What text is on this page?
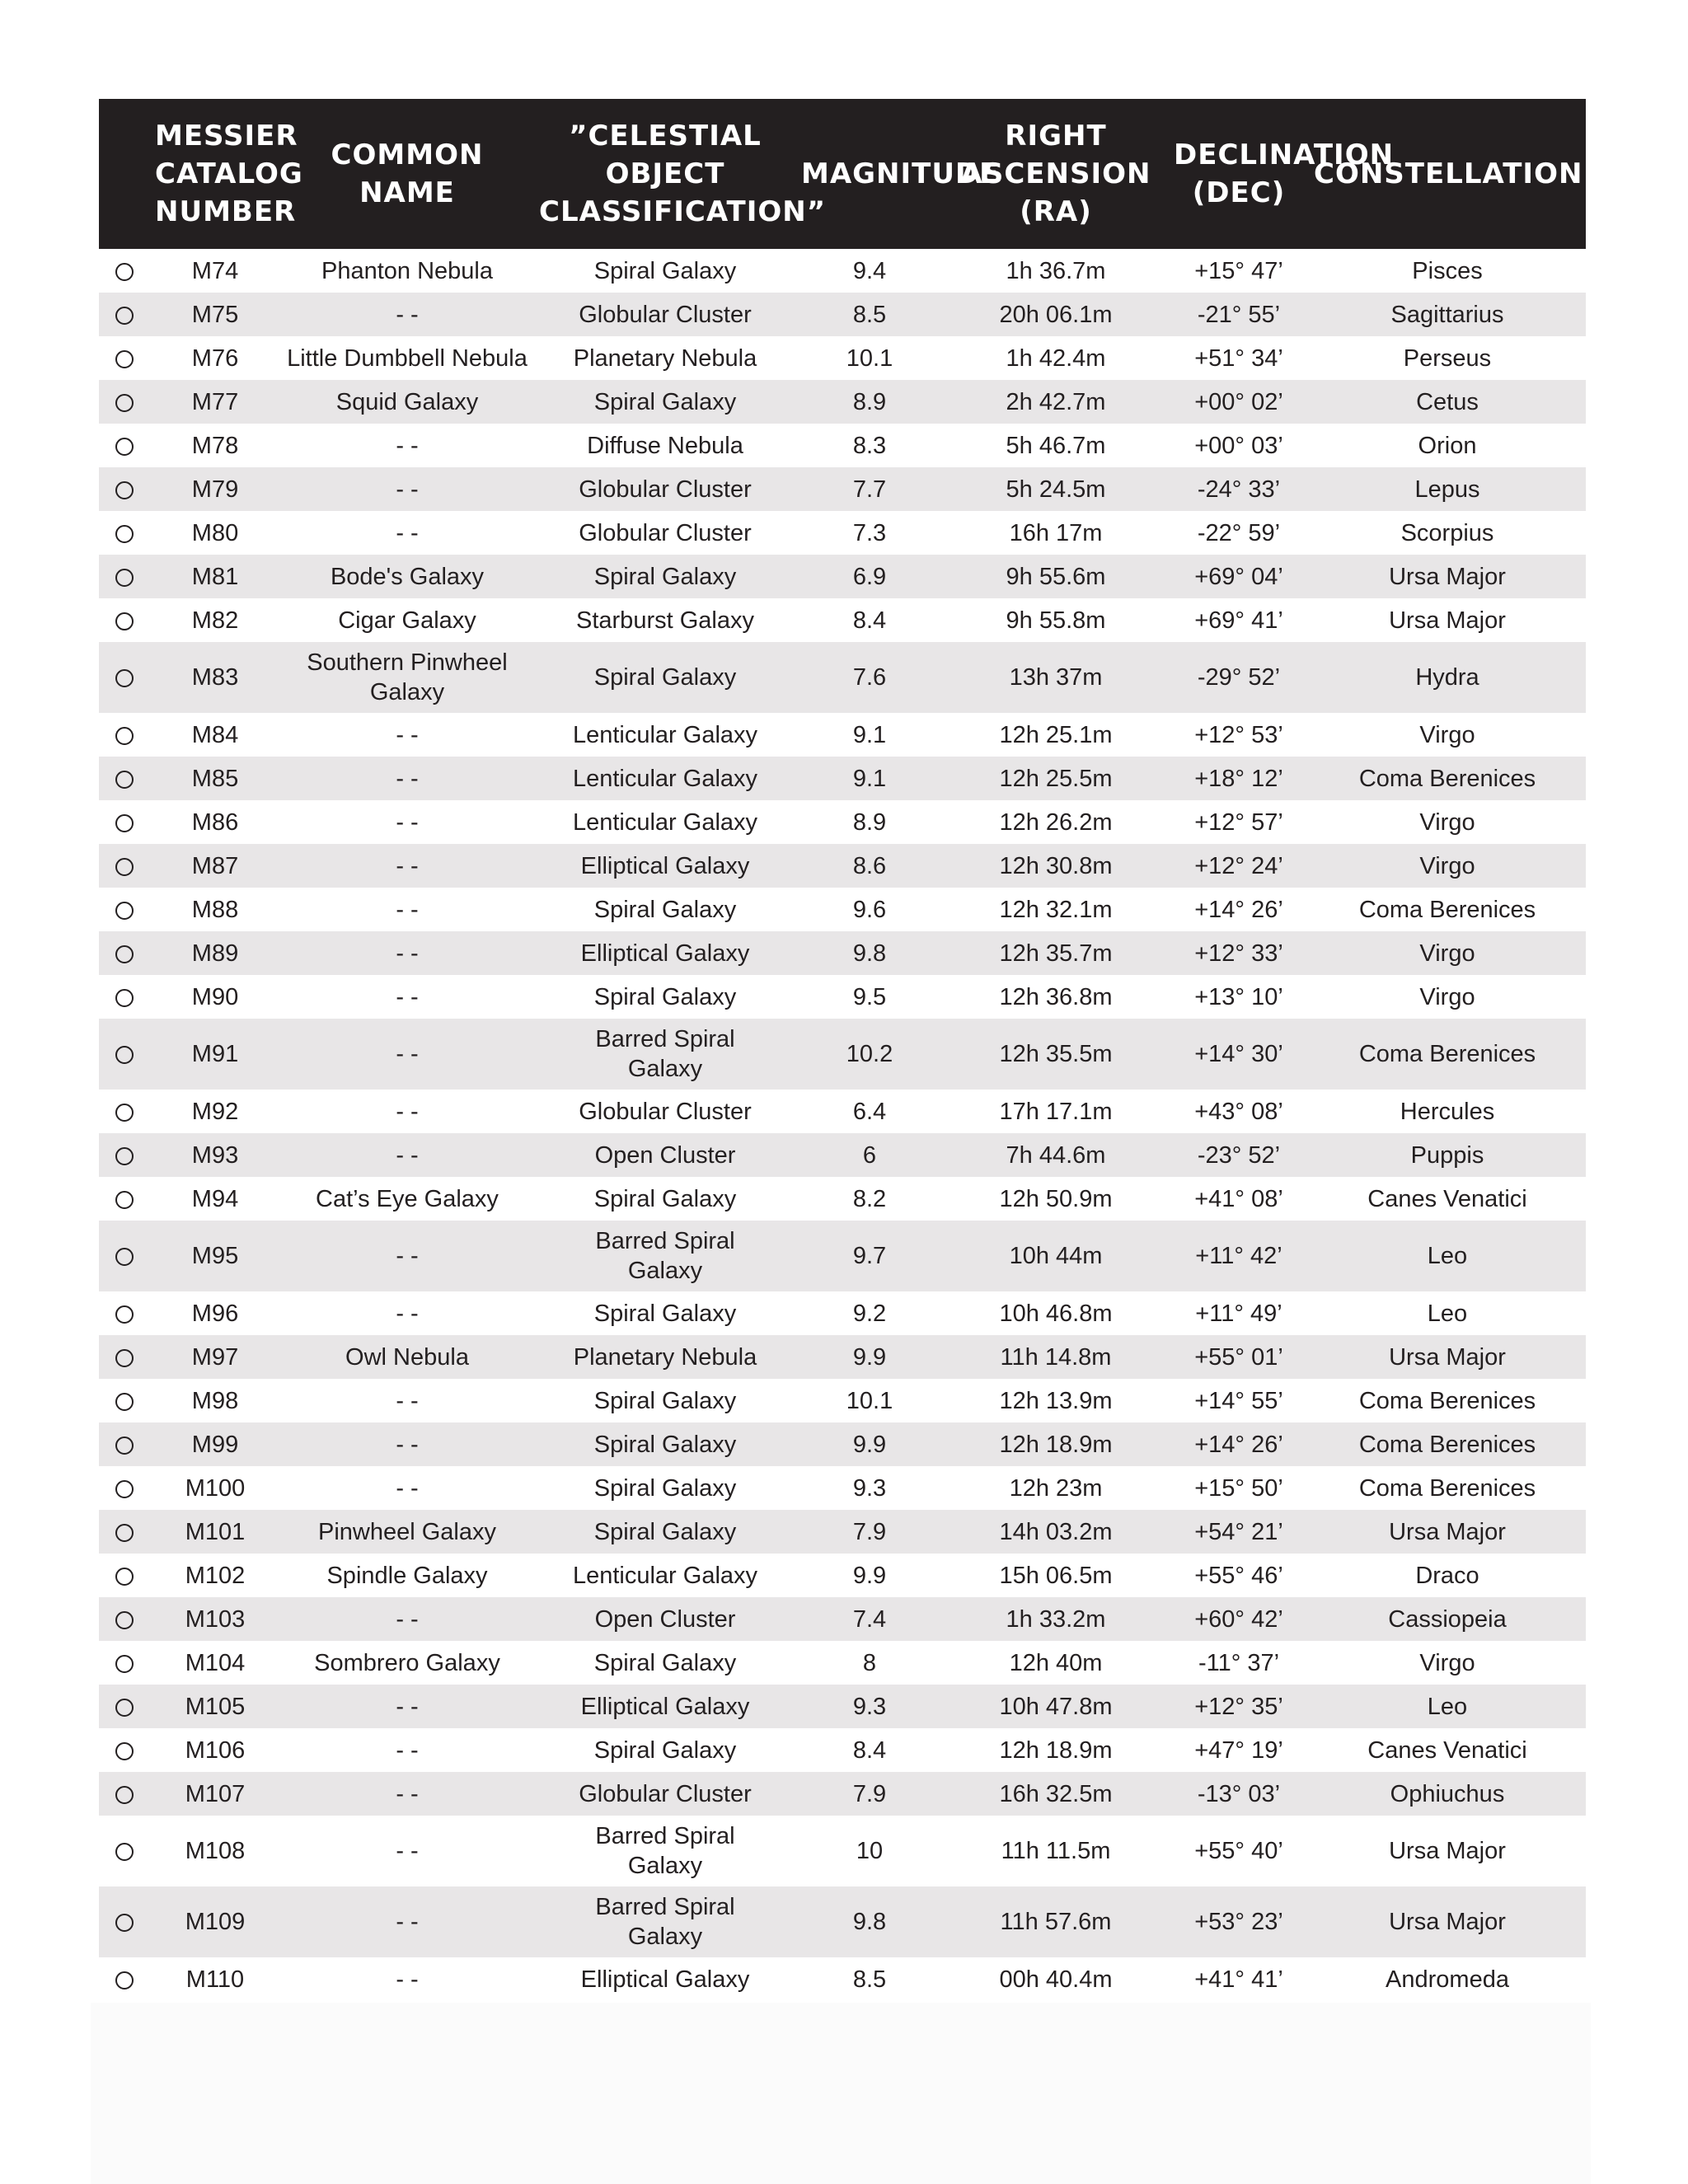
	MESSIER
CATALOG
NUMBER	COMMON NAME	”CELESTIAL
OBJECT
CLASSIFICATION”	MAGNITUDE	RIGHT
ASCENSION
(RA)	DECLINATION
(DEC)	CONSTELLATION
	M74	Phanton Nebula	Spiral Galaxy	9.4	1h 36.7m	+15° 47’	Pisces
	M75	- -	Globular Cluster	8.5	20h 06.1m	-21° 55’	Sagittarius
	M76	Little Dumbbell Nebula	Planetary Nebula	10.1	1h 42.4m	+51° 34’	Perseus
	M77	Squid Galaxy	Spiral Galaxy	8.9	2h 42.7m	+00° 02’	Cetus
	M78	- -	Diffuse Nebula	8.3	5h 46.7m	+00° 03’	Orion
	M79	- -	Globular Cluster	7.7	5h 24.5m	-24° 33’	Lepus
	M80	- -	Globular Cluster	7.3	16h 17m	-22° 59’	Scorpius
	M81	Bode's Galaxy	Spiral Galaxy	6.9	9h 55.6m	+69° 04’	Ursa Major
	M82	Cigar Galaxy	Starburst Galaxy	8.4	9h 55.8m	+69° 41’	Ursa Major
	M83	Southern Pinwheel
Galaxy	Spiral Galaxy	7.6	13h 37m	-29° 52’	Hydra
	M84	- -	Lenticular Galaxy	9.1	12h 25.1m	+12° 53’	Virgo
	M85	- -	Lenticular Galaxy	9.1	12h 25.5m	+18° 12’	Coma Berenices
	M86	- -	Lenticular Galaxy	8.9	12h 26.2m	+12° 57’	Virgo
	M87	- -	Elliptical Galaxy	8.6	12h 30.8m	+12° 24’	Virgo
	M88	- -	Spiral Galaxy	9.6	12h 32.1m	+14° 26’	Coma Berenices
	M89	- -	Elliptical Galaxy	9.8	12h 35.7m	+12° 33’	Virgo
	M90	- -	Spiral Galaxy	9.5	12h 36.8m	+13° 10’	Virgo
	M91	- -	Barred Spiral
Galaxy	10.2	12h 35.5m	+14° 30’	Coma Berenices
	M92	- -	Globular Cluster	6.4	17h 17.1m	+43° 08’	Hercules
	M93	- -	Open Cluster	6	7h 44.6m	-23° 52’	Puppis
	M94	Cat’s Eye Galaxy	Spiral Galaxy	8.2	12h 50.9m	+41° 08’	Canes Venatici
	M95	- -	Barred Spiral
Galaxy	9.7	10h 44m	+11° 42’	Leo
	M96	- -	Spiral Galaxy	9.2	10h 46.8m	+11° 49’	Leo
	M97	Owl Nebula	Planetary Nebula	9.9	11h 14.8m	+55° 01’	Ursa Major
	M98	- -	Spiral Galaxy	10.1	12h 13.9m	+14° 55’	Coma Berenices
	M99	- -	Spiral Galaxy	9.9	12h 18.9m	+14° 26’	Coma Berenices
	M100	- -	Spiral Galaxy	9.3	12h 23m	+15° 50’	Coma Berenices
	M101	Pinwheel Galaxy	Spiral Galaxy	7.9	14h 03.2m	+54° 21’	Ursa Major
	M102	Spindle Galaxy	Lenticular Galaxy	9.9	15h 06.5m	+55° 46’	Draco
	M103	- -	Open Cluster	7.4	1h 33.2m	+60° 42’	Cassiopeia
	M104	Sombrero Galaxy	Spiral Galaxy	8	12h 40m	-11° 37’	Virgo
	M105	- -	Elliptical Galaxy	9.3	10h 47.8m	+12° 35’	Leo
	M106	- -	Spiral Galaxy	8.4	12h 18.9m	+47° 19’	Canes Venatici
	M107	- -	Globular Cluster	7.9	16h 32.5m	-13° 03’	Ophiuchus
	M108	- -	Barred Spiral
Galaxy	10	11h 11.5m	+55° 40’	Ursa Major
	M109	- -	Barred Spiral
Galaxy	9.8	11h 57.6m	+53° 23’	Ursa Major
	M110	- -	Elliptical Galaxy	8.5	00h 40.4m	+41° 41’	Andromeda
